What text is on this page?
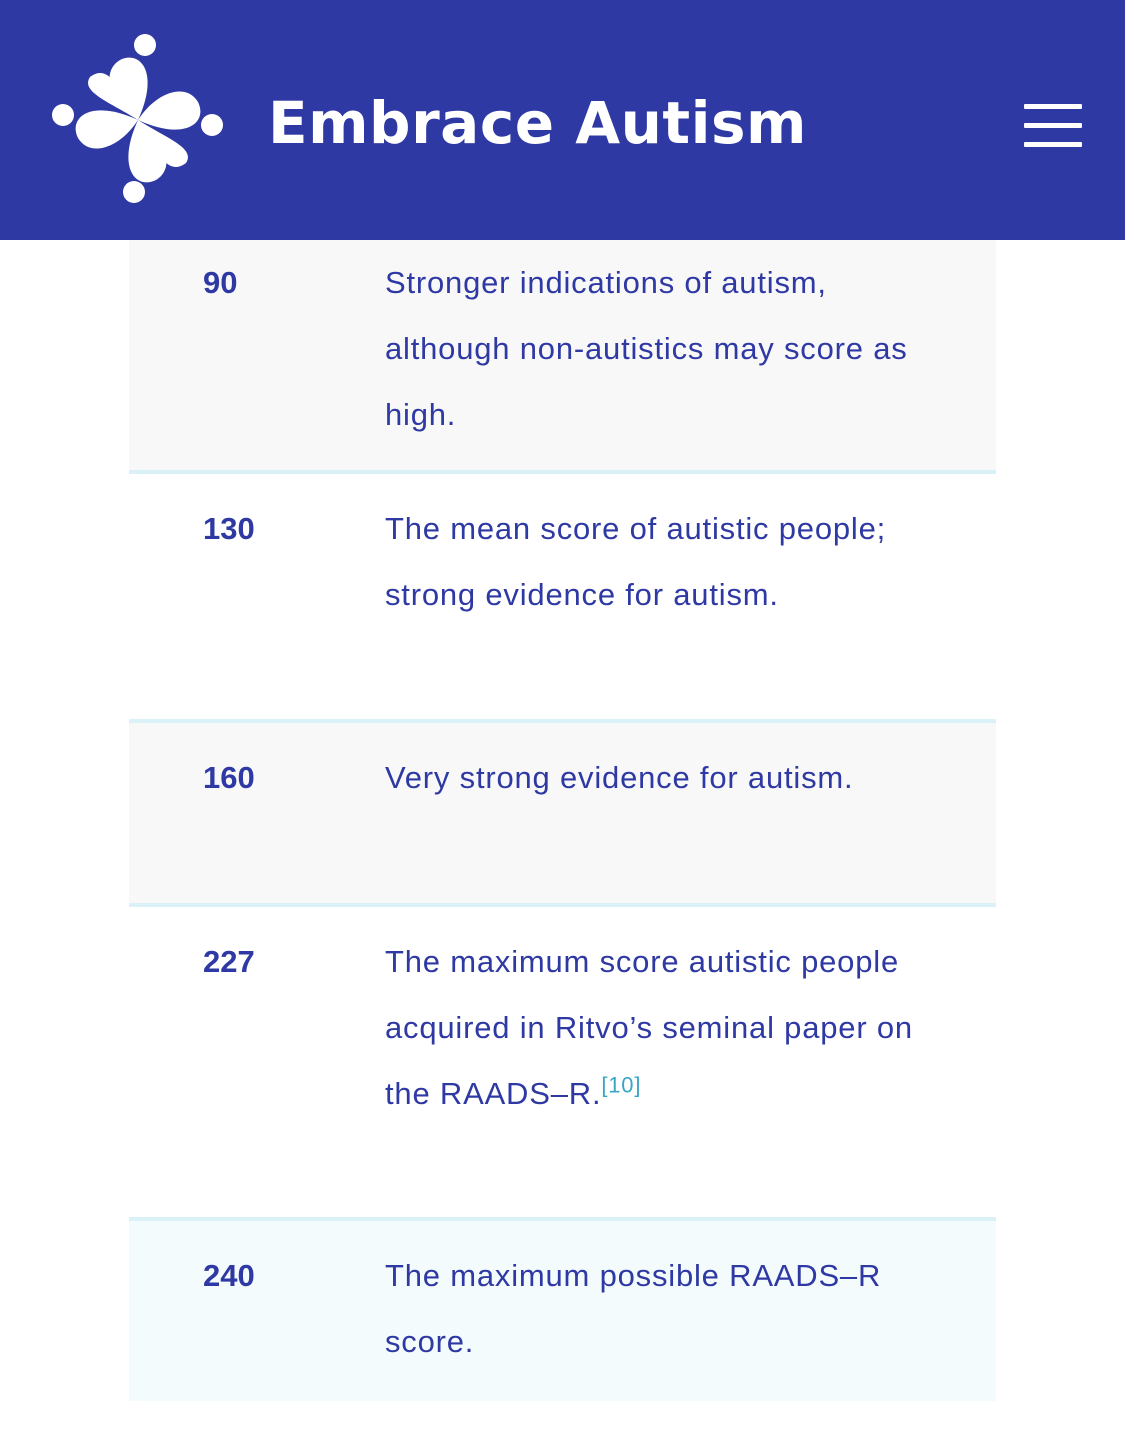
Embrace Autism
90	Stronger indications of autism, although non-autistics may score as high.
130	The mean score of autistic people; strong evidence for autism.
160	Very strong evidence for autism.
227	The maximum score autistic people acquired in Ritvo’s seminal paper on the RAADS–R.[10]
240	The maximum possible RAADS–R score.
